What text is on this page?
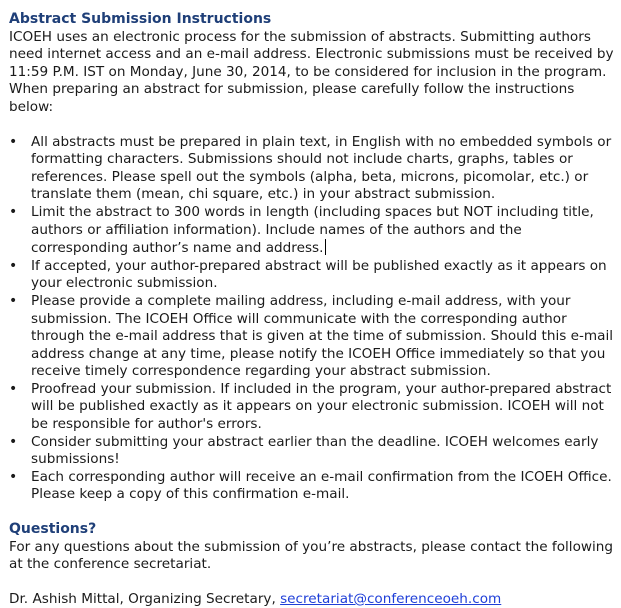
Abstract Submission Instructions

ICOEH uses an electronic process for the submission of abstracts. Submitting authors need internet access and an e-mail address. Electronic submissions must be received by 11:59 P.M. IST on Monday, June 30, 2014, to be considered for inclusion in the program.

When preparing an abstract for submission, please carefully follow the instructions below:

•	All abstracts must be prepared in plain text, in English with no embedded symbols or formatting characters. Submissions should not include charts, graphs, tables or references. Please spell out the symbols (alpha, beta, microns, picomolar, etc.) or translate them (mean, chi square, etc.) in your abstract submission.
•	Limit the abstract to 300 words in length (including spaces but NOT including title, authors or affiliation information). Include names of the authors and the corresponding author’s name and address.
•	If accepted, your author-prepared abstract will be published exactly as it appears on your electronic submission.
•	Please provide a complete mailing address, including e-mail address, with your submission. The ICOEH Office will communicate with the corresponding author through the e-mail address that is given at the time of submission. Should this e-mail address change at any time, please notify the ICOEH Office immediately so that you receive timely correspondence regarding your abstract submission.
•	Proofread your submission. If included in the program, your author-prepared abstract will be published exactly as it appears on your electronic submission. ICOEH will not be responsible for author's errors.
•	Consider submitting your abstract earlier than the deadline. ICOEH welcomes early submissions!
•	Each corresponding author will receive an e-mail confirmation from the ICOEH Office. Please keep a copy of this confirmation e-mail.
Questions?

For any questions about the submission of you’re abstracts, please contact the following at the conference secretariat.

Dr. Ashish Mittal, Organizing Secretary, secretariat@conferenceoeh.com
